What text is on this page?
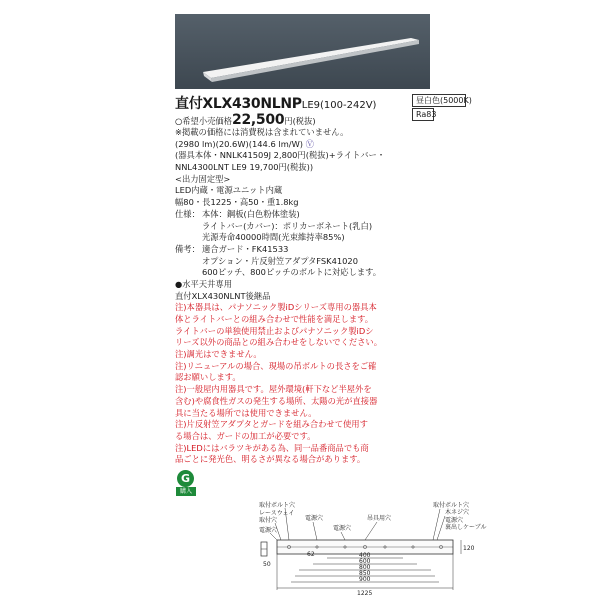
直付XLX430NLNPLE9(100-242V)	昼白色(5000K)
Ra83
○希望小売価格22,500円(税抜)
※掲載の価格には消費税は含まれていません。
(2980 lm)(20.6W)(144.6 lm/W) Ⓥ
(器具本体・NNLK41509J 2,800円(税抜)+ライトバー・
NNL4300LNT LE9 19,700円(税抜))
<出力固定型>
LED内蔵・電源ユニット内蔵
幅80・長1225・高50・重1.8kg
仕様： 本体：鋼板(白色粉体塗装)
ライトバー(カバー)：ポリカーボネート(乳白)
光源寿命40000時間(光束維持率85%)
備考： 適合ガード・FK41533
オプション・片反射笠アダプタFSK41020
600ピッチ、800ピッチのボルトに対応します。
●水平天井専用
直付XLX430NLNT後継品
注)本器具は、パナソニック製iDシリーズ専用の器具本
体とライトバーとの組み合わせで性能を満足します。
ライトバーの単独使用禁止およびパナソニック製iDシ
リーズ以外の商品との組み合わせをしないでください。
注)調光はできません。
注)リニューアルの場合、現場の吊ボルトの長さをご確
認お願いします。
注)一般屋内用器具です。屋外環境(軒下など半屋外を
含む)や腐食性ガスの発生する場所、太陽の光が直接器
具に当たる場所では使用できません。
注)片反射笠アダプタとガードを組み合わせて使用す
る場合は、ガードの加工が必要です。
注)LEDにはバラツキがある為、同一品番商品でも商
品ごとに発光色、明るさが異なる場合があります。
G
購入
取付ボルト穴
レースウェイ
取付穴
電源穴
電源穴
電源穴
吊具用穴
取付ボルト穴
木ネジ穴
電源穴
裏出しケーブル
400
600
800
850
900
1225
50
120
62
